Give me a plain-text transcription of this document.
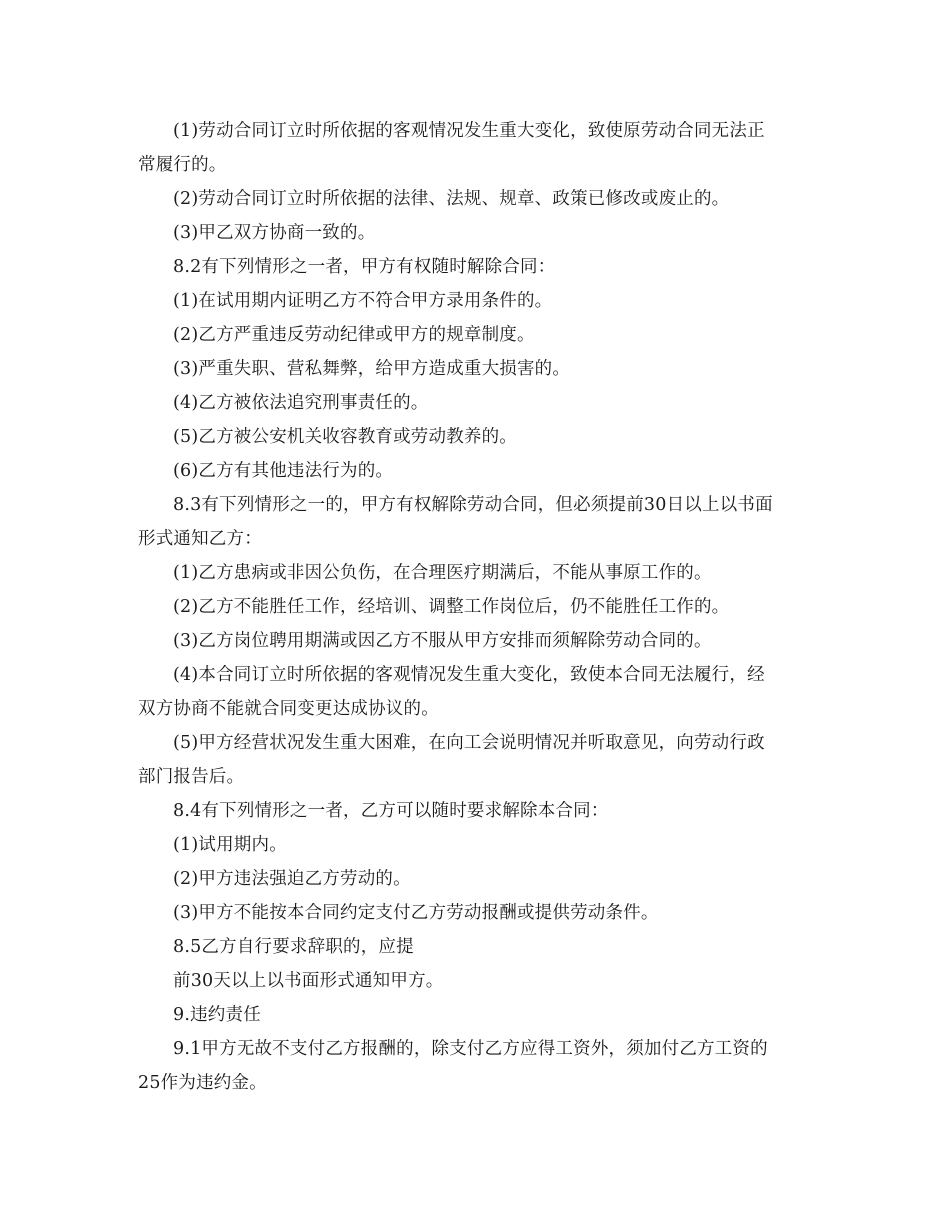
(1)劳动合同订立时所依据的客观情况发生重大变化，致使原劳动合同无法正
常履行的。
(2)劳动合同订立时所依据的法律、法规、规章、政策已修改或废止的。
(3)甲乙双方协商一致的。
8.2有下列情形之一者，甲方有权随时解除合同：
(1)在试用期内证明乙方不符合甲方录用条件的。
(2)乙方严重违反劳动纪律或甲方的规章制度。
(3)严重失职、营私舞弊，给甲方造成重大损害的。
(4)乙方被依法追究刑事责任的。
(5)乙方被公安机关收容教育或劳动教养的。
(6)乙方有其他违法行为的。
8.3有下列情形之一的，甲方有权解除劳动合同，但必须提前30日以上以书面
形式通知乙方：
(1)乙方患病或非因公负伤，在合理医疗期满后，不能从事原工作的。
(2)乙方不能胜任工作，经培训、调整工作岗位后，仍不能胜任工作的。
(3)乙方岗位聘用期满或因乙方不服从甲方安排而须解除劳动合同的。
(4)本合同订立时所依据的客观情况发生重大变化，致使本合同无法履行，经
双方协商不能就合同变更达成协议的。
(5)甲方经营状况发生重大困难，在向工会说明情况并听取意见，向劳动行政
部门报告后。
8.4有下列情形之一者，乙方可以随时要求解除本合同：
(1)试用期内。
(2)甲方违法强迫乙方劳动的。
(3)甲方不能按本合同约定支付乙方劳动报酬或提供劳动条件。
8.5乙方自行要求辞职的，应提
前30天以上以书面形式通知甲方。
9.违约责任
9.1甲方无故不支付乙方报酬的，除支付乙方应得工资外，须加付乙方工资的
25作为违约金。
